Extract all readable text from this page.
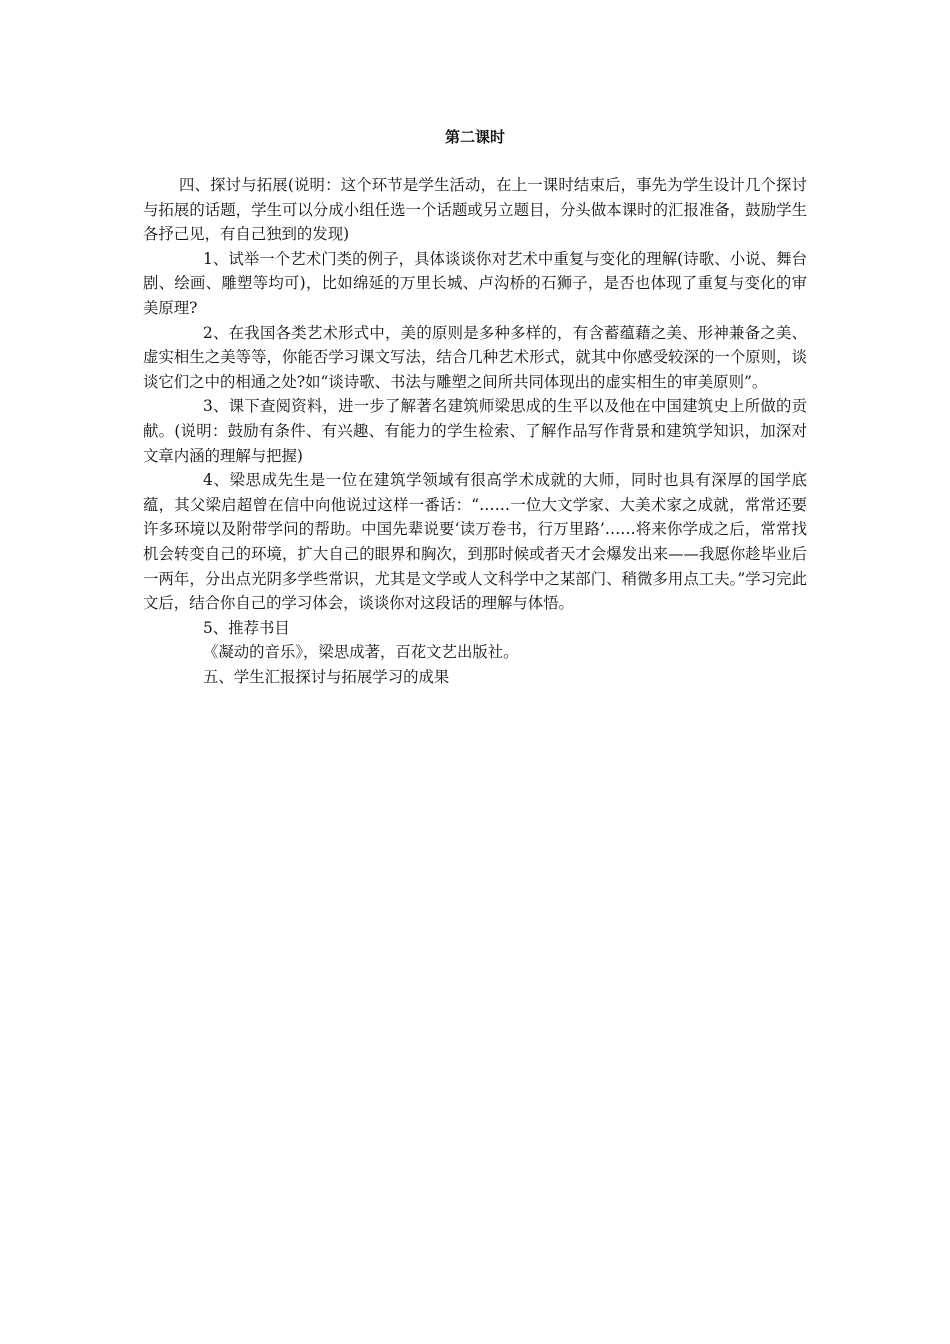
第二课时

四、探讨与拓展(说明：这个环节是学生活动，在上一课时结束后，事先为学生设计几个探讨与拓展的话题，学生可以分成小组任选一个话题或另立题目，分头做本课时的汇报准备，鼓励学生各抒己见，有自己独到的发现)

1、试举一个艺术门类的例子，具体谈谈你对艺术中重复与变化的理解(诗歌、小说、舞台剧、绘画、雕塑等均可)，比如绵延的万里长城、卢沟桥的石狮子，是否也体现了重复与变化的审美原理?

2、在我国各类艺术形式中，美的原则是多种多样的，有含蓄蕴藉之美、形神兼备之美、虚实相生之美等等，你能否学习课文写法，结合几种艺术形式，就其中你感受较深的一个原则，谈谈它们之中的相通之处?如“谈诗歌、书法与雕塑之间所共同体现出的虚实相生的审美原则”。

3、课下查阅资料，进一步了解著名建筑师梁思成的生平以及他在中国建筑史上所做的贡献。(说明：鼓励有条件、有兴趣、有能力的学生检索、了解作品写作背景和建筑学知识，加深对文章内涵的理解与把握)

4、梁思成先生是一位在建筑学领域有很高学术成就的大师，同时也具有深厚的国学底蕴，其父梁启超曾在信中向他说过这样一番话：“……一位大文学家、大美术家之成就，常常还要许多环境以及附带学问的帮助。中国先辈说要‘读万卷书，行万里路’……将来你学成之后，常常找机会转变自己的环境，扩大自己的眼界和胸次，到那时候或者天才会爆发出来——我愿你趁毕业后一两年，分出点光阴多学些常识，尤其是文学或人文科学中之某部门、稍微多用点工夫。”学习完此文后，结合你自己的学习体会，谈谈你对这段话的理解与体悟。

5、推荐书目

《凝动的音乐》，梁思成著，百花文艺出版社。

五、学生汇报探讨与拓展学习的成果
